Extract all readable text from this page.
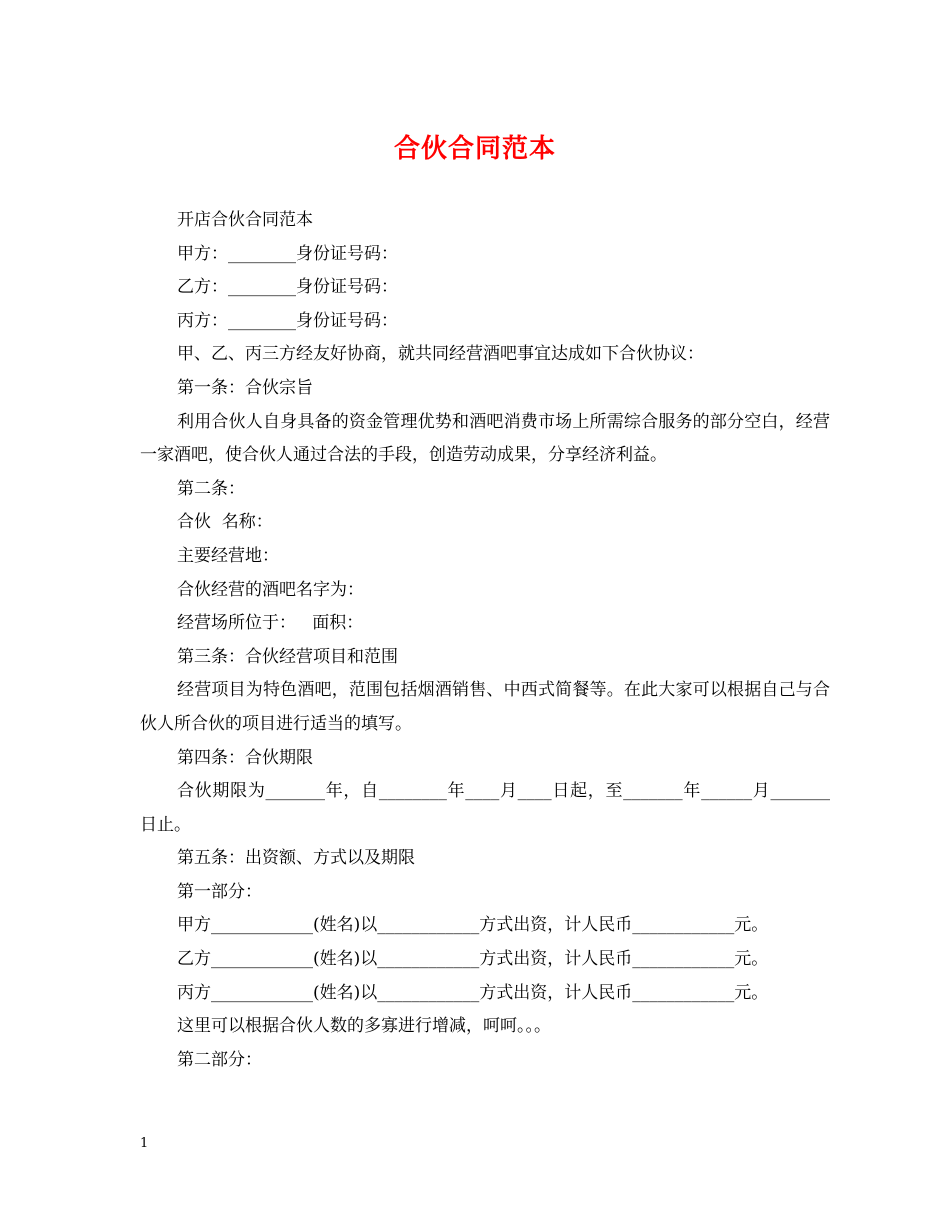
合伙合同范本
开店合伙合同范本
甲方：________身份证号码：
乙方：________身份证号码：
丙方：________身份证号码：
甲、乙、丙三方经友好协商，就共同经营酒吧事宜达成如下合伙协议：
第一条：合伙宗旨
利用合伙人自身具备的资金管理优势和酒吧消费市场上所需综合服务的部分空白，经营一家酒吧，使合伙人通过合法的手段，创造劳动成果，分享经济利益。
第二条：
合伙  名称：
主要经营地：
合伙经营的酒吧名字为：
经营场所位于：   面积：
第三条：合伙经营项目和范围
经营项目为特色酒吧，范围包括烟酒销售、中西式简餐等。在此大家可以根据自己与合伙人所合伙的项目进行适当的填写。
第四条：合伙期限
合伙期限为_______年，自________年____月____日起，至_______年______月_______日止。
第五条：出资额、方式以及期限
第一部分：
甲方____________(姓名)以____________方式出资，计人民币____________元。
乙方____________(姓名)以____________方式出资，计人民币____________元。
丙方____________(姓名)以____________方式出资，计人民币____________元。
这里可以根据合伙人数的多寡进行增减，呵呵。。。
第二部分：
1
